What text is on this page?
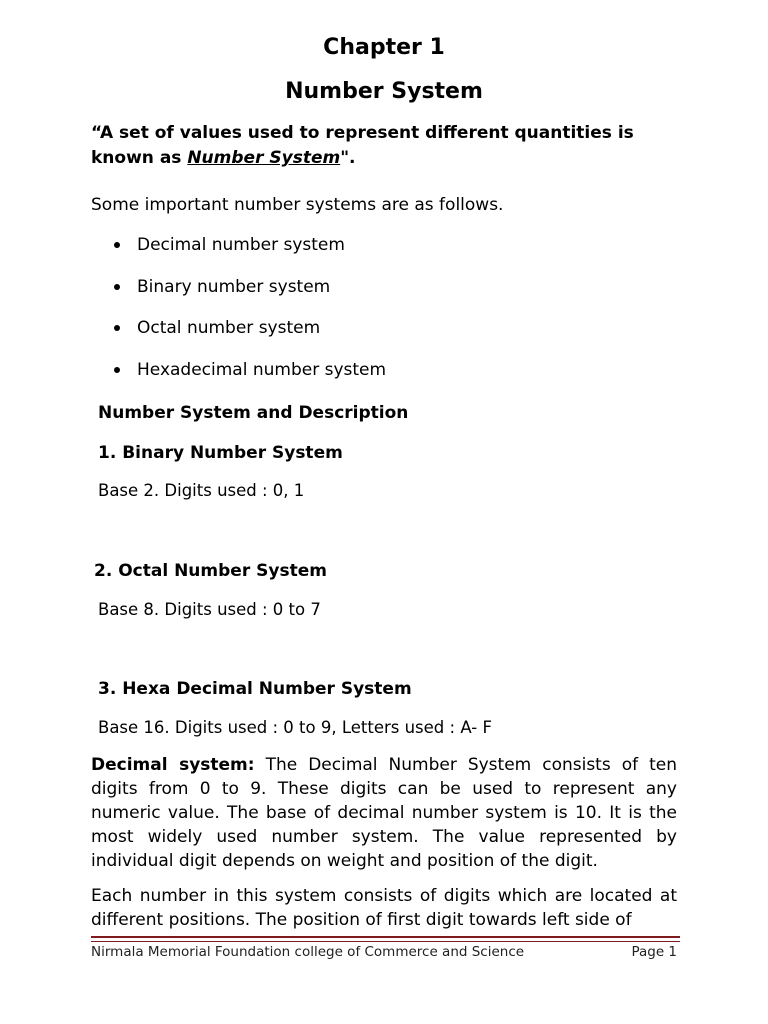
Chapter 1
Number System

“A set of values used to represent different quantities is known as Number System".

Some important number systems are as follows.

Decimal number system
Binary number system
Octal number system
Hexadecimal number system
Number System and Description
1. Binary Number System
Base 2. Digits used : 0, 1
2. Octal Number System
Base 8. Digits used : 0 to 7
3. Hexa Decimal Number System
Base 16. Digits used : 0 to 9, Letters used : A- F

Decimal system: The Decimal Number System consists of ten digits from 0 to 9. These digits can be used to represent any numeric value. The base of decimal number system is 10. It is the most widely used number system. The value represented by individual digit depends on weight and position of the digit.

Each number in this system consists of digits which are located at different positions. The position of first digit towards left side of

Nirmala Memorial Foundation college of Commerce and Science	Page 1
